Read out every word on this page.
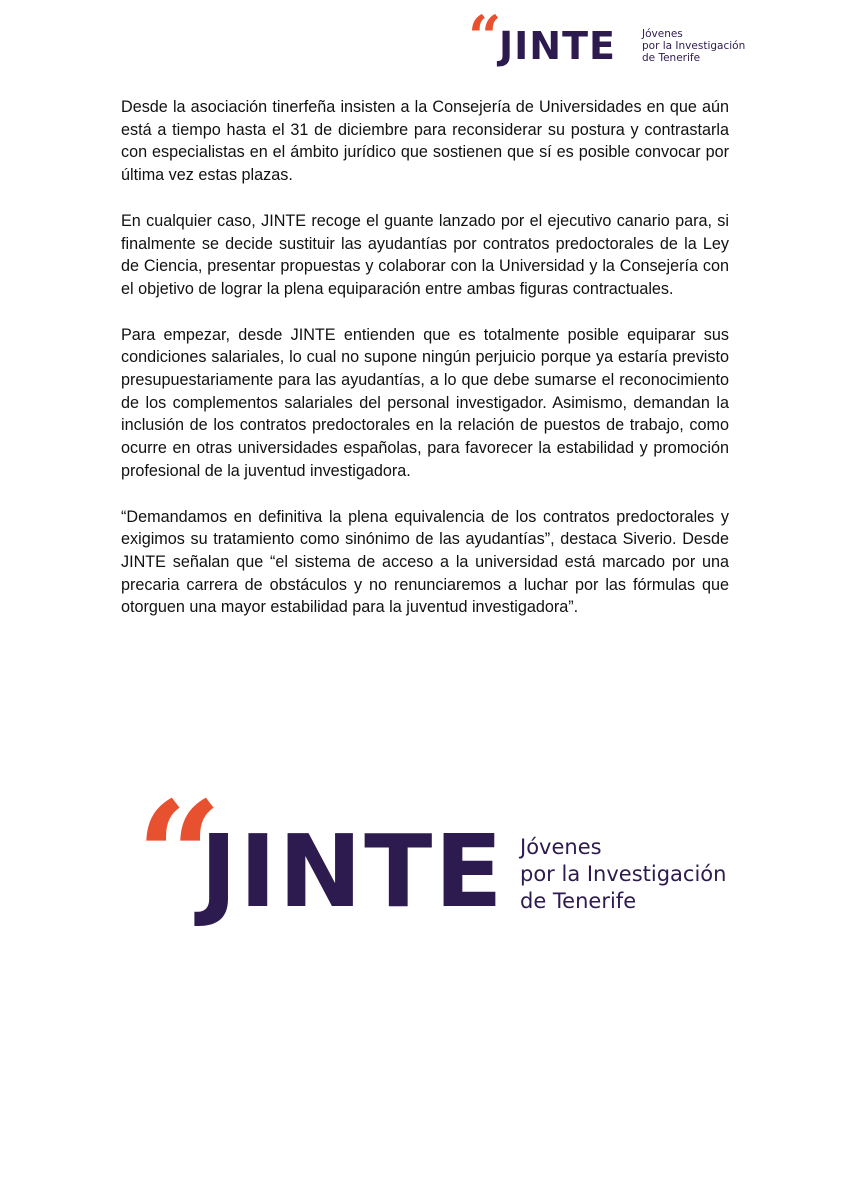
“
JINTE Jóvenes
por la Investigación
de Tenerife

Desde la asociación tinerfeña insisten a la Consejería de Universidades en que aún está a tiempo hasta el 31 de diciembre para reconsiderar su postura y contrastarla con especialistas en el ámbito jurídico que sostienen que sí es posible convocar por última vez estas plazas.

En cualquier caso, JINTE recoge el guante lanzado por el ejecutivo canario para, si finalmente se decide sustituir las ayudantías por contratos predoctorales de la Ley de Ciencia, presentar propuestas y colaborar con la Universidad y la Consejería con el objetivo de lograr la plena equiparación entre ambas figuras contractuales.

Para empezar, desde JINTE entienden que es totalmente posible equiparar sus condiciones salariales, lo cual no supone ningún perjuicio porque ya estaría previsto presupuestariamente para las ayudantías, a lo que debe sumarse el reconocimiento de los complementos salariales del personal investigador. Asimismo, demandan la inclusión de los contratos predoctorales en la relación de puestos de trabajo, como ocurre en otras universidades españolas, para favorecer la estabilidad y promoción profesional de la juventud investigadora.

“Demandamos en definitiva la plena equivalencia de los contratos predoctorales y exigimos su tratamiento como sinónimo de las ayudantías”, destaca Siverio. Desde JINTE señalan que “el sistema de acceso a la universidad está marcado por una precaria carrera de obstáculos y no renunciaremos a luchar por las fórmulas que otorguen una mayor estabilidad para la juventud investigadora”.

“
JINTE Jóvenes
por la Investigación
de Tenerife
